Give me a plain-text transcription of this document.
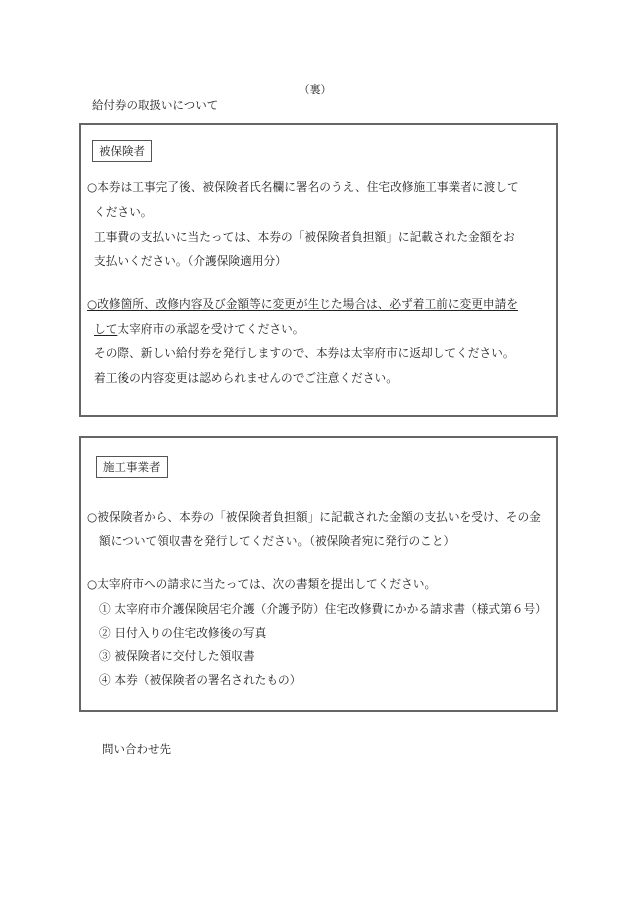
（裏）
給付券の取扱いについて
被保険者
○本券は工事完了後、被保険者氏名欄に署名のうえ、住宅改修施工事業者に渡して
ください。
工事費の支払いに当たっては、本券の「被保険者負担額」に記載された金額をお
支払いください。（介護保険適用分）
○改修箇所、改修内容及び金額等に変更が生じた場合は、必ず着工前に変更申請を
して太宰府市の承認を受けてください。
その際、新しい給付券を発行しますので、本券は太宰府市に返却してください。
着工後の内容変更は認められませんのでご注意ください。
施工事業者
○被保険者から、本券の「被保険者負担額」に記載された金額の支払いを受け、その金
額について領収書を発行してください。（被保険者宛に発行のこと）
○太宰府市への請求に当たっては、次の書類を提出してください。
① 太宰府市介護保険居宅介護（介護予防）住宅改修費にかかる請求書（様式第６号）
② 日付入りの住宅改修後の写真
③ 被保険者に交付した領収書
④ 本券（被保険者の署名されたもの）
問い合わせ先
